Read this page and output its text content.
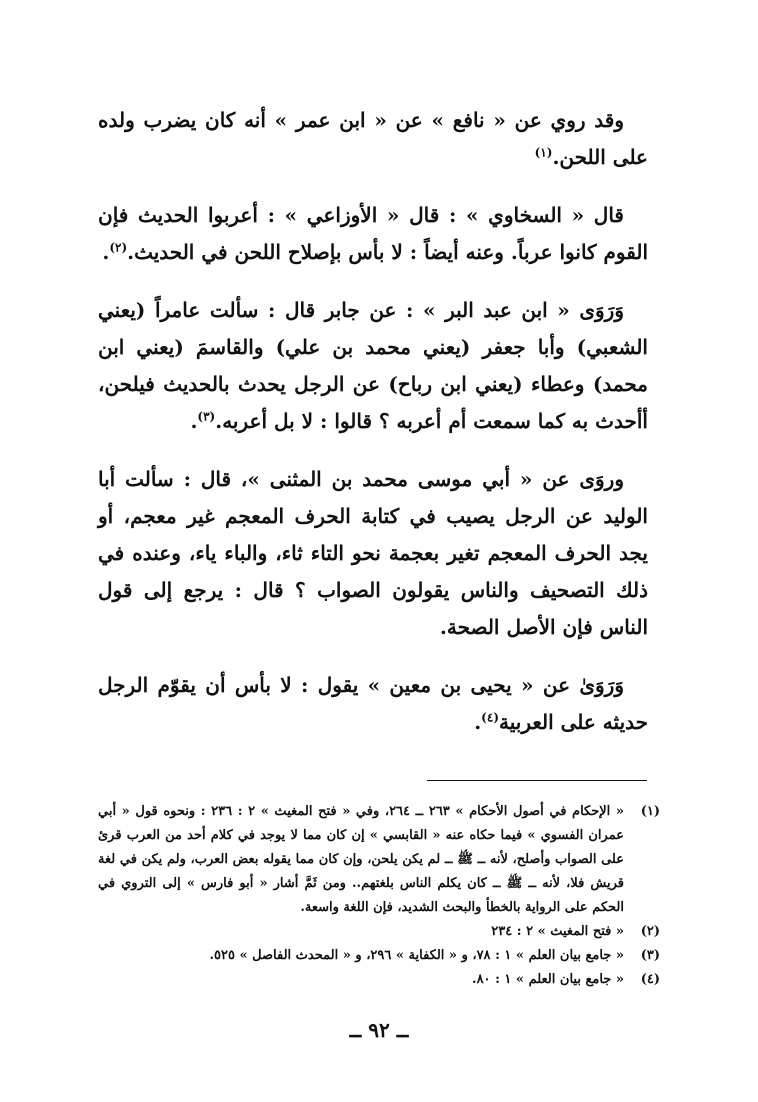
وقد روي عن « نافع » عن « ابن عمر » أنه كان يضرب ولده على اللحن.$^{(١)}$

قال « السخاوي » : قال « الأوزاعي » : أعربوا الحديث فإن القوم كانوا عرباً. وعنه أيضاً : لا بأس بإصلاح اللحن في الحديث.$^{(٢)}$.

وَرَوَى « ابن عبد البر » : عن جابر قال : سألت عامراً (يعني الشعبي) وأبا جعفر (يعني محمد بن علي) والقاسمَ (يعني ابن محمد) وعطاء (يعني ابن رباح) عن الرجل يحدث بالحديث فيلحن، أأحدث به كما سمعت أم أعربه ؟ قالوا : لا بل أعربه.$^{(٣)}$.

وروَى عن « أبي موسى محمد بن المثنى »، قال : سألت أبا الوليد عن الرجل يصيب في كتابة الحرف المعجم غير معجم، أو يجد الحرف المعجم تغير بعجمة نحو التاء ثاء، والباء ياء، وعنده في ذلك التصحيف والناس يقولون الصواب ؟ قال : يرجع إلى قول الناس فإن الأصل الصحة.

وَرَوَىٰ عن « يحيى بن معين » يقول : لا بأس أن يقوّم الرجل حديثه على العربية$^{(٤)}$.

(١)
« الإحكام في أصول الأحكام » ٢٦٣ ــ ٢٦٤، وفي « فتح المغيث » ٢ : ٢٣٦ : ونحوه قول « أبي عمران الفسوي » فيما حكاه عنه « القابسي » إن كان مما لا يوجد في كلام أحد من العرب قرئ على الصواب وأصلح، لأنه ــ ﷺ ــ لم يكن يلحن، وإن كان مما يقوله بعض العرب، ولم يكن في لغة قريش فلا، لأنه ــ ﷺ ــ كان يكلم الناس بلغتهم.. ومن ثَمَّ أشار « أبو فارس » إلى التروي في الحكم على الرواية بالخطأ والبحث الشديد، فإن اللغة واسعة.
(٢)
« فتح المغيث » ٢ : ٢٣٤
(٣)
« جامع بيان العلم » ١ : ٧٨، و « الكفاية » ٢٩٦، و « المحدث الفاصل » ٥٢٥.
(٤)
« جامع بيان العلم » ١ : ٨٠.
ــ ٩٢ ــ
